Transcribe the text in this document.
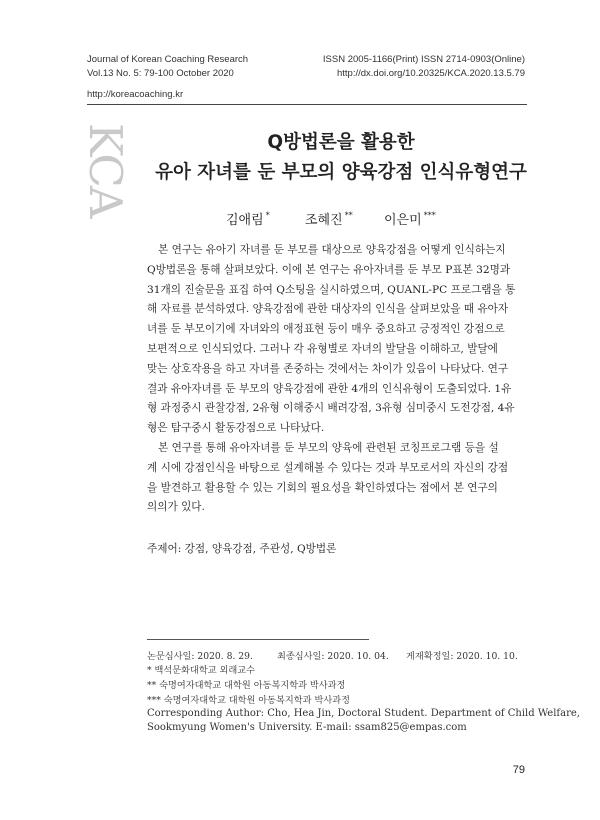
Journal of Korean Coaching Research
Vol.13 No. 5: 79-100 October 2020
ISSN 2005-1166(Print) ISSN 2714-0903(Online)
http://dx.doi.org/10.20325/KCA.2020.13.5.79
http://koreacoaching.kr
KCA	Q방법론을 활용한
유아 자녀를 둔 부모의 양육강점 인식유형연구
김애림 *	조혜진 ** 이은미 ***
본 연구는 유아기 자녀를 둔 부모를 대상으로 양육강점을 어떻게 인식하는지
Q방법론을 통해 살펴보았다. 이에 본 연구는 유아자녀를 둔 부모 P표본 32명과
31개의 진술문을 표집 하여 Q소팅을 실시하였으며, QUANL-PC 프로그램을 통
해 자료를 분석하였다. 양육강점에 관한 대상자의 인식을 살펴보았을 때 유아자
녀를 둔 부모이기에 자녀와의 애정표현 등이 매우 중요하고 긍정적인 강점으로
보편적으로 인식되었다. 그러나 각 유형별로 자녀의 발달을 이해하고, 발달에
맞는 상호작용을 하고 자녀를 존중하는 것에서는 차이가 있음이 나타났다. 연구
결과 유아자녀를 둔 부모의 양육강점에 관한 4개의 인식유형이 도출되었다. 1유
형 과정중시 관찰강점, 2유형 이해중시 배려강점, 3유형 심미중시 도전강점, 4유
형은 탐구중시 활동강점으로 나타났다.
본 연구를 통해 유아자녀를 둔 부모의 양육에 관련된 코칭프로그램 등을 설
계 시에 강점인식을 바탕으로 설계해볼 수 있다는 것과 부모로서의 자신의 강점
을 발견하고 활용할 수 있는 기회의 필요성을 확인하였다는 점에서 본 연구의
의의가 있다.
주제어: 강점, 양육강점, 주관성, Q방법론
논문심사일: 2020. 8. 29.	최종심사일: 2020. 10. 04. 게재확정일: 2020. 10. 10.
* 백석문화대학교 외래교수
** 숙명여자대학교 대학원 아동복지학과 박사과정
*** 숙명여자대학교 대학원 아동복지학과 박사과정
Corresponding Author: Cho, Hea Jin, Doctoral Student. Department of Child Welfare,
Sookmyung Women's University. E-mail: ssam825@empas.com
79
